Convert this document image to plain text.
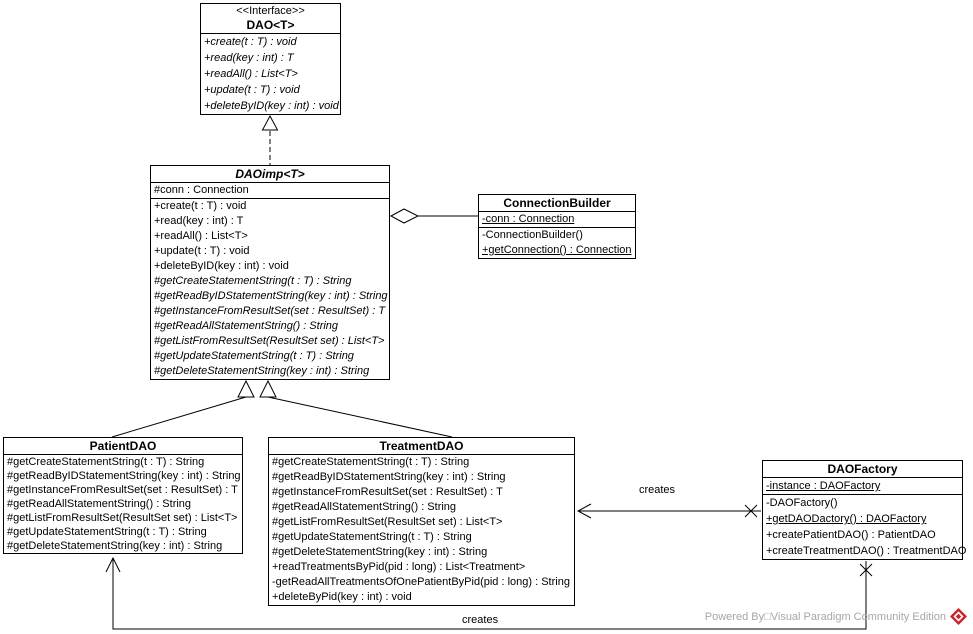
<<Interface>>
DAO<T>
+create(t : T) : void
+read(key : int) : T
+readAll() : List<T>
+update(t : T) : void
+deleteByID(key : int) : void
DAOimp<T>
#conn : Connection
+create(t : T) : void
+read(key : int) : T
+readAll() : List<T>
+update(t : T) : void
+deleteByID(key : int) : void
#getCreateStatementString(t : T) : String
#getReadByIDStatementString(key : int) : String
#getInstanceFromResultSet(set : ResultSet) : T
#getReadAllStatementString() : String
#getListFromResultSet(ResultSet set) : List<T>
#getUpdateStatementString(t : T) : String
#getDeleteStatementString(key : int) : String
ConnectionBuilder
-conn : Connection
-ConnectionBuilder()
+getConnection() : Connection
PatientDAO
#getCreateStatementString(t : T) : String
#getReadByIDStatementString(key : int) : String
#getInstanceFromResultSet(set : ResultSet) : T
#getReadAllStatementString() : String
#getListFromResultSet(ResultSet set) : List<T>
#getUpdateStatementString(t : T) : String
#getDeleteStatementString(key : int) : String
TreatmentDAO
#getCreateStatementString(t : T) : String
#getReadByIDStatementString(key : int) : String
#getInstanceFromResultSet(set : ResultSet) : T
#getReadAllStatementString() : String
#getListFromResultSet(ResultSet set) : List<T>
#getUpdateStatementString(t : T) : String
#getDeleteStatementString(key : int) : String
+readTreatmentsByPid(pid : long) : List<Treatment>
-getReadAllTreatmentsOfOnePatientByPid(pid : long) : String
+deleteByPid(key : int) : void
DAOFactory
-instance : DAOFactory
-DAOFactory()
+getDAODactory() : DAOFactory
+createPatientDAO() : PatientDAO
+createTreatmentDAO() : TreatmentDAO
creates
creates	Powered By□Visual Paradigm Community Edition
